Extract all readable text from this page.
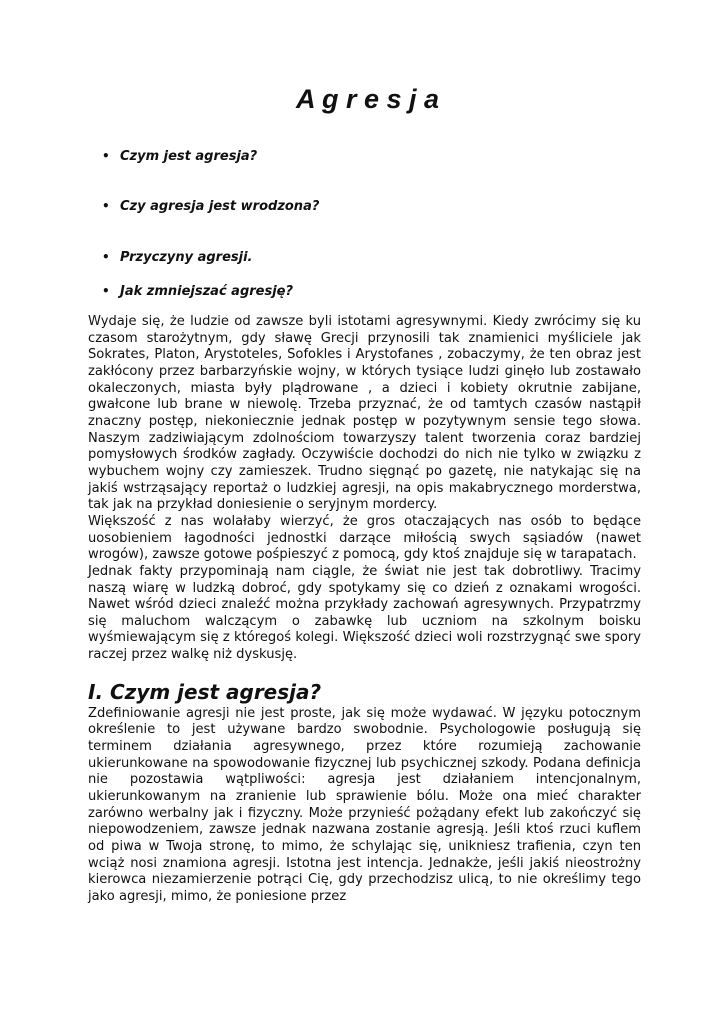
A g r e s j a
• Czym jest agresja?
• Czy agresja jest wrodzona?
• Przyczyny agresji.
• Jak zmniejszać agresję?

Wydaje się, że ludzie od zawsze byli istotami agresywnymi. Kiedy zwrócimy się ku czasom starożytnym, gdy sławę Grecji przynosili tak znamienici myśliciele jak Sokrates, Platon, Arystoteles, Sofokles i Arystofanes , zobaczymy, że ten obraz jest zakłócony przez barbarzyńskie wojny, w których tysiące ludzi ginęło lub zostawało okaleczonych, miasta były plądrowane , a dzieci i kobiety okrutnie zabijane, gwałcone lub brane w niewolę. Trzeba przyznać, że od tamtych czasów nastąpił znaczny postęp, niekoniecznie jednak postęp w pozytywnym sensie tego słowa. Naszym zadziwiającym zdolnościom towarzyszy talent tworzenia coraz bardziej pomysłowych środków zagłady. Oczywiście dochodzi do nich nie tylko w związku z wybuchem wojny czy zamieszek. Trudno sięgnąć po gazetę, nie natykając się na jakiś wstrząsający reportaż o ludzkiej agresji, na opis makabrycznego morderstwa, tak jak na przykład doniesienie o seryjnym mordercy.

Większość z nas wolałaby wierzyć, że gros otaczających nas osób to będące uosobieniem łagodności jednostki darzące miłością swych sąsiadów (nawet wrogów), zawsze gotowe pośpieszyć z pomocą, gdy ktoś znajduje się w tarapatach.

Jednak fakty przypominają nam ciągle, że świat nie jest tak dobrotliwy. Tracimy naszą wiarę w ludzką dobroć, gdy spotykamy się co dzień z oznakami wrogości. Nawet wśród dzieci znaleźć można przykłady zachowań agresywnych. Przypatrzmy się maluchom walczącym o zabawkę lub uczniom na szkolnym boisku wyśmiewającym się z któregoś kolegi. Większość dzieci woli rozstrzygnąć swe spory raczej przez walkę niż dyskusję.

I. Czym jest agresja?

Zdefiniowanie agresji nie jest proste, jak się może wydawać. W języku potocznym określenie to jest używane bardzo swobodnie. Psychologowie posługują się terminem działania agresywnego, przez które rozumieją zachowanie ukierunkowane na spowodowanie fizycznej lub psychicznej szkody. Podana definicja nie pozostawia wątpliwości: agresja jest działaniem intencjonalnym, ukierunkowanym na zranienie lub sprawienie bólu. Może ona mieć charakter zarówno werbalny jak i fizyczny. Może przynieść pożądany efekt lub zakończyć się niepowodzeniem, zawsze jednak nazwana zostanie agresją. Jeśli ktoś rzuci kuflem od piwa w Twoja stronę, to mimo, że schylając się, unikniesz trafienia, czyn ten wciąż nosi znamiona agresji. Istotna jest intencja. Jednakże, jeśli jakiś nieostrożny kierowca niezamierzenie potrąci Cię, gdy przechodzisz ulicą, to nie określimy tego jako agresji, mimo, że poniesione przez
